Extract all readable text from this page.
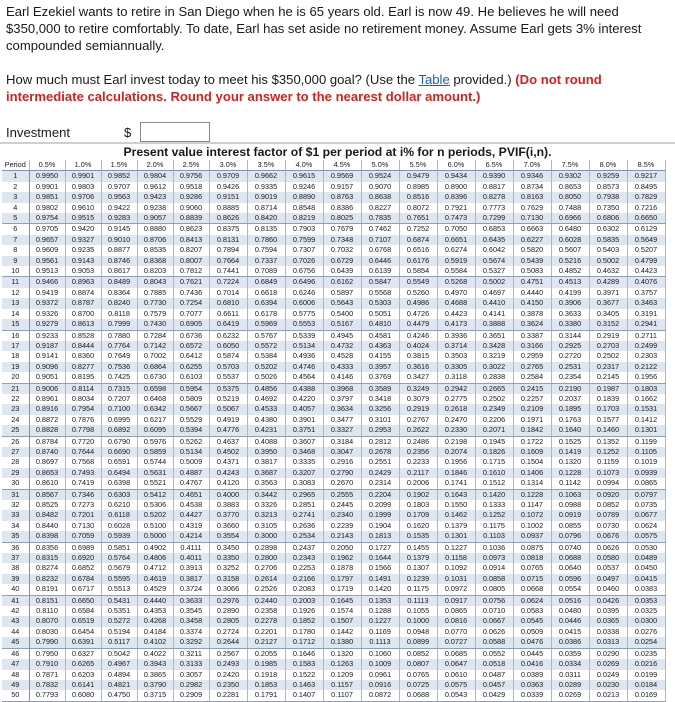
Earl Ezekiel wants to retire in San Diego when he is 65 years old. Earl is now 49. He believes he will need $350,000 to retire comfortably. To date, Earl has set aside no retirement money. Assume Earl gets 3% interest compounded semiannually.
How much must Earl invest today to meet his $350,000 goal? (Use the Table provided.) (Do not round intermediate calculations. Round your answer to the nearest dollar amount.)
Investment	$
Present value interest factor of $1 per period at i% for n periods, PVIF(i,n).
Period	0.5%	1.0%	1.5%	2.0%	2.5%	3.0%	3.5%	4.0%	4.5%	5.0%	5.5%	6.0%	6.5%	7.0%	7.5%	8.0%	8.5%
1	0.9950	0.9901	0.9852	0.9804	0.9756	0.9709	0.9662	0.9615	0.9569	0.9524	0.9479	0.9434	0.9390	0.9346	0.9302	0.9259	0.9217
2	0.9901	0.9803	0.9707	0.9612	0.9518	0.9426	0.9335	0.9246	0.9157	0.9070	0.8985	0.8900	0.8817	0.8734	0.8653	0.8573	0.8495
3	0.9851	0.9706	0.9563	0.9423	0.9286	0.9151	0.9019	0.8890	0.8763	0.8638	0.8516	0.8396	0.8278	0.8163	0.8050	0.7938	0.7829
4	0.9802	0.9610	0.9422	0.9238	0.9060	0.8885	0.8714	0.8548	0.8386	0.8227	0.8072	0.7921	0.7773	0.7629	0.7488	0.7350	0.7216
5	0.9754	0.9515	0.9283	0.9057	0.8839	0.8626	0.8420	0.8219	0.8025	0.7835	0.7651	0.7473	0.7299	0.7130	0.6966	0.6806	0.6650
6	0.9705	0.9420	0.9145	0.8880	0.8623	0.8375	0.8135	0.7903	0.7679	0.7462	0.7252	0.7050	0.6853	0.6663	0.6480	0.6302	0.6129
7	0.9657	0.9327	0.9010	0.8706	0.8413	0.8131	0.7860	0.7599	0.7348	0.7107	0.6874	0.6651	0.6435	0.6227	0.6028	0.5835	0.5649
8	0.9609	0.9235	0.8877	0.8535	0.8207	0.7894	0.7594	0.7307	0.7032	0.6768	0.6516	0.6274	0.6042	0.5820	0.5607	0.5403	0.5207
9	0.9561	0.9143	0.8746	0.8368	0.8007	0.7664	0.7337	0.7026	0.6729	0.6446	0.6176	0.5919	0.5674	0.5439	0.5216	0.5002	0.4799
10	0.9513	0.9053	0.8617	0.8203	0.7812	0.7441	0.7089	0.6756	0.6439	0.6139	0.5854	0.5584	0.5327	0.5083	0.4852	0.4632	0.4423
11	0.9466	0.8963	0.8489	0.8043	0.7621	0.7224	0.6849	0.6496	0.6162	0.5847	0.5549	0.5268	0.5002	0.4751	0.4513	0.4289	0.4076
12	0.9419	0.8874	0.8364	0.7885	0.7436	0.7014	0.6618	0.6246	0.5897	0.5568	0.5260	0.4970	0.4697	0.4440	0.4199	0.3971	0.3757
13	0.9372	0.8787	0.8240	0.7730	0.7254	0.6810	0.6394	0.6006	0.5643	0.5303	0.4986	0.4688	0.4410	0.4150	0.3906	0.3677	0.3463
14	0.9326	0.8700	0.8118	0.7579	0.7077	0.6611	0.6178	0.5775	0.5400	0.5051	0.4726	0.4423	0.4141	0.3878	0.3633	0.3405	0.3191
15	0.9279	0.8613	0.7999	0.7430	0.6905	0.6419	0.5969	0.5553	0.5167	0.4810	0.4479	0.4173	0.3888	0.3624	0.3380	0.3152	0.2941
16	0.9233	0.8528	0.7880	0.7284	0.6736	0.6232	0.5767	0.5339	0.4945	0.4581	0.4246	0.3936	0.3651	0.3387	0.3144	0.2919	0.2711
17	0.9187	0.8444	0.7764	0.7142	0.6572	0.6050	0.5572	0.5134	0.4732	0.4363	0.4024	0.3714	0.3428	0.3166	0.2925	0.2703	0.2499
18	0.9141	0.8360	0.7649	0.7002	0.6412	0.5874	0.5384	0.4936	0.4528	0.4155	0.3815	0.3503	0.3219	0.2959	0.2720	0.2502	0.2303
19	0.9096	0.8277	0.7536	0.6864	0.6255	0.5703	0.5202	0.4746	0.4333	0.3957	0.3616	0.3305	0.3022	0.2765	0.2531	0.2317	0.2122
20	0.9051	0.8195	0.7425	0.6730	0.6103	0.5537	0.5026	0.4564	0.4146	0.3769	0.3427	0.3118	0.2838	0.2584	0.2354	0.2145	0.1956
21	0.9006	0.8114	0.7315	0.6598	0.5954	0.5375	0.4856	0.4388	0.3968	0.3589	0.3249	0.2942	0.2665	0.2415	0.2190	0.1987	0.1803
22	0.8961	0.8034	0.7207	0.6468	0.5809	0.5219	0.4692	0.4220	0.3797	0.3418	0.3079	0.2775	0.2502	0.2257	0.2037	0.1839	0.1662
23	0.8916	0.7954	0.7100	0.6342	0.5667	0.5067	0.4533	0.4057	0.3634	0.3256	0.2919	0.2618	0.2349	0.2109	0.1895	0.1703	0.1531
24	0.8872	0.7876	0.6995	0.6217	0.5529	0.4919	0.4380	0.3901	0.3477	0.3101	0.2767	0.2470	0.2206	0.1971	0.1763	0.1577	0.1412
25	0.8828	0.7798	0.6892	0.6095	0.5394	0.4776	0.4231	0.3751	0.3327	0.2953	0.2622	0.2330	0.2071	0.1842	0.1640	0.1460	0.1301
26	0.8784	0.7720	0.6790	0.5976	0.5262	0.4637	0.4088	0.3607	0.3184	0.2812	0.2486	0.2198	0.1945	0.1722	0.1525	0.1352	0.1199
27	0.8740	0.7644	0.6690	0.5859	0.5134	0.4502	0.3950	0.3468	0.3047	0.2678	0.2356	0.2074	0.1826	0.1609	0.1419	0.1252	0.1105
28	0.8697	0.7568	0.6591	0.5744	0.5009	0.4371	0.3817	0.3335	0.2916	0.2551	0.2233	0.1956	0.1715	0.1504	0.1320	0.1159	0.1019
29	0.8653	0.7493	0.6494	0.5631	0.4887	0.4243	0.3687	0.3207	0.2790	0.2429	0.2117	0.1846	0.1610	0.1406	0.1228	0.1073	0.0939
30	0.8610	0.7419	0.6398	0.5521	0.4767	0.4120	0.3563	0.3083	0.2670	0.2314	0.2006	0.1741	0.1512	0.1314	0.1142	0.0994	0.0865
31	0.8567	0.7346	0.6303	0.5412	0.4651	0.4000	0.3442	0.2965	0.2555	0.2204	0.1902	0.1643	0.1420	0.1228	0.1063	0.0920	0.0797
32	0.8525	0.7273	0.6210	0.5306	0.4538	0.3883	0.3326	0.2851	0.2445	0.2099	0.1803	0.1550	0.1333	0.1147	0.0988	0.0852	0.0735
33	0.8482	0.7201	0.6118	0.5202	0.4427	0.3770	0.3213	0.2741	0.2340	0.1999	0.1709	0.1462	0.1252	0.1072	0.0919	0.0789	0.0677
34	0.8440	0.7130	0.6028	0.5100	0.4319	0.3660	0.3105	0.2636	0.2239	0.1904	0.1620	0.1379	0.1175	0.1002	0.0855	0.0730	0.0624
35	0.8398	0.7059	0.5939	0.5000	0.4214	0.3554	0.3000	0.2534	0.2143	0.1813	0.1535	0.1301	0.1103	0.0937	0.0796	0.0676	0.0575
36	0.8356	0.6989	0.5851	0.4902	0.4111	0.3450	0.2898	0.2437	0.2050	0.1727	0.1455	0.1227	0.1036	0.0875	0.0740	0.0626	0.0530
37	0.8315	0.6920	0.5764	0.4806	0.4011	0.3350	0.2800	0.2343	0.1962	0.1644	0.1379	0.1158	0.0973	0.0818	0.0688	0.0580	0.0489
38	0.8274	0.6852	0.5679	0.4712	0.3913	0.3252	0.2706	0.2253	0.1878	0.1566	0.1307	0.1092	0.0914	0.0765	0.0640	0.0537	0.0450
39	0.8232	0.6784	0.5595	0.4619	0.3817	0.3158	0.2614	0.2166	0.1797	0.1491	0.1239	0.1031	0.0858	0.0715	0.0596	0.0497	0.0415
40	0.8191	0.6717	0.5513	0.4529	0.3724	0.3066	0.2526	0.2083	0.1719	0.1420	0.1175	0.0972	0.0805	0.0668	0.0554	0.0460	0.0383
41	0.8151	0.6650	0.5431	0.4440	0.3633	0.2976	0.2440	0.2003	0.1645	0.1353	0.1113	0.0917	0.0756	0.0624	0.0516	0.0426	0.0353
42	0.8110	0.6584	0.5351	0.4353	0.3545	0.2890	0.2358	0.1926	0.1574	0.1288	0.1055	0.0865	0.0710	0.0583	0.0480	0.0395	0.0325
43	0.8070	0.6519	0.5272	0.4268	0.3458	0.2805	0.2278	0.1852	0.1507	0.1227	0.1000	0.0816	0.0667	0.0545	0.0446	0.0365	0.0300
44	0.8030	0.6454	0.5194	0.4184	0.3374	0.2724	0.2201	0.1780	0.1442	0.1169	0.0948	0.0770	0.0626	0.0509	0.0415	0.0338	0.0276
45	0.7990	0.6391	0.5117	0.4102	0.3292	0.2644	0.2127	0.1712	0.1380	0.1113	0.0899	0.0727	0.0588	0.0476	0.0386	0.0313	0.0254
46	0.7950	0.6327	0.5042	0.4022	0.3211	0.2567	0.2055	0.1646	0.1320	0.1060	0.0852	0.0685	0.0552	0.0445	0.0359	0.0290	0.0235
47	0.7910	0.6265	0.4967	0.3943	0.3133	0.2493	0.1985	0.1583	0.1263	0.1009	0.0807	0.0647	0.0518	0.0416	0.0334	0.0269	0.0216
48	0.7871	0.6203	0.4894	0.3865	0.3057	0.2420	0.1918	0.1522	0.1209	0.0961	0.0765	0.0610	0.0487	0.0389	0.0311	0.0249	0.0199
49	0.7832	0.6141	0.4821	0.3790	0.2982	0.2350	0.1853	0.1463	0.1157	0.0916	0.0725	0.0575	0.0457	0.0363	0.0289	0.0230	0.0184
50	0.7793	0.6080	0.4750	0.3715	0.2909	0.2281	0.1791	0.1407	0.1107	0.0872	0.0688	0.0543	0.0429	0.0339	0.0269	0.0213	0.0169
